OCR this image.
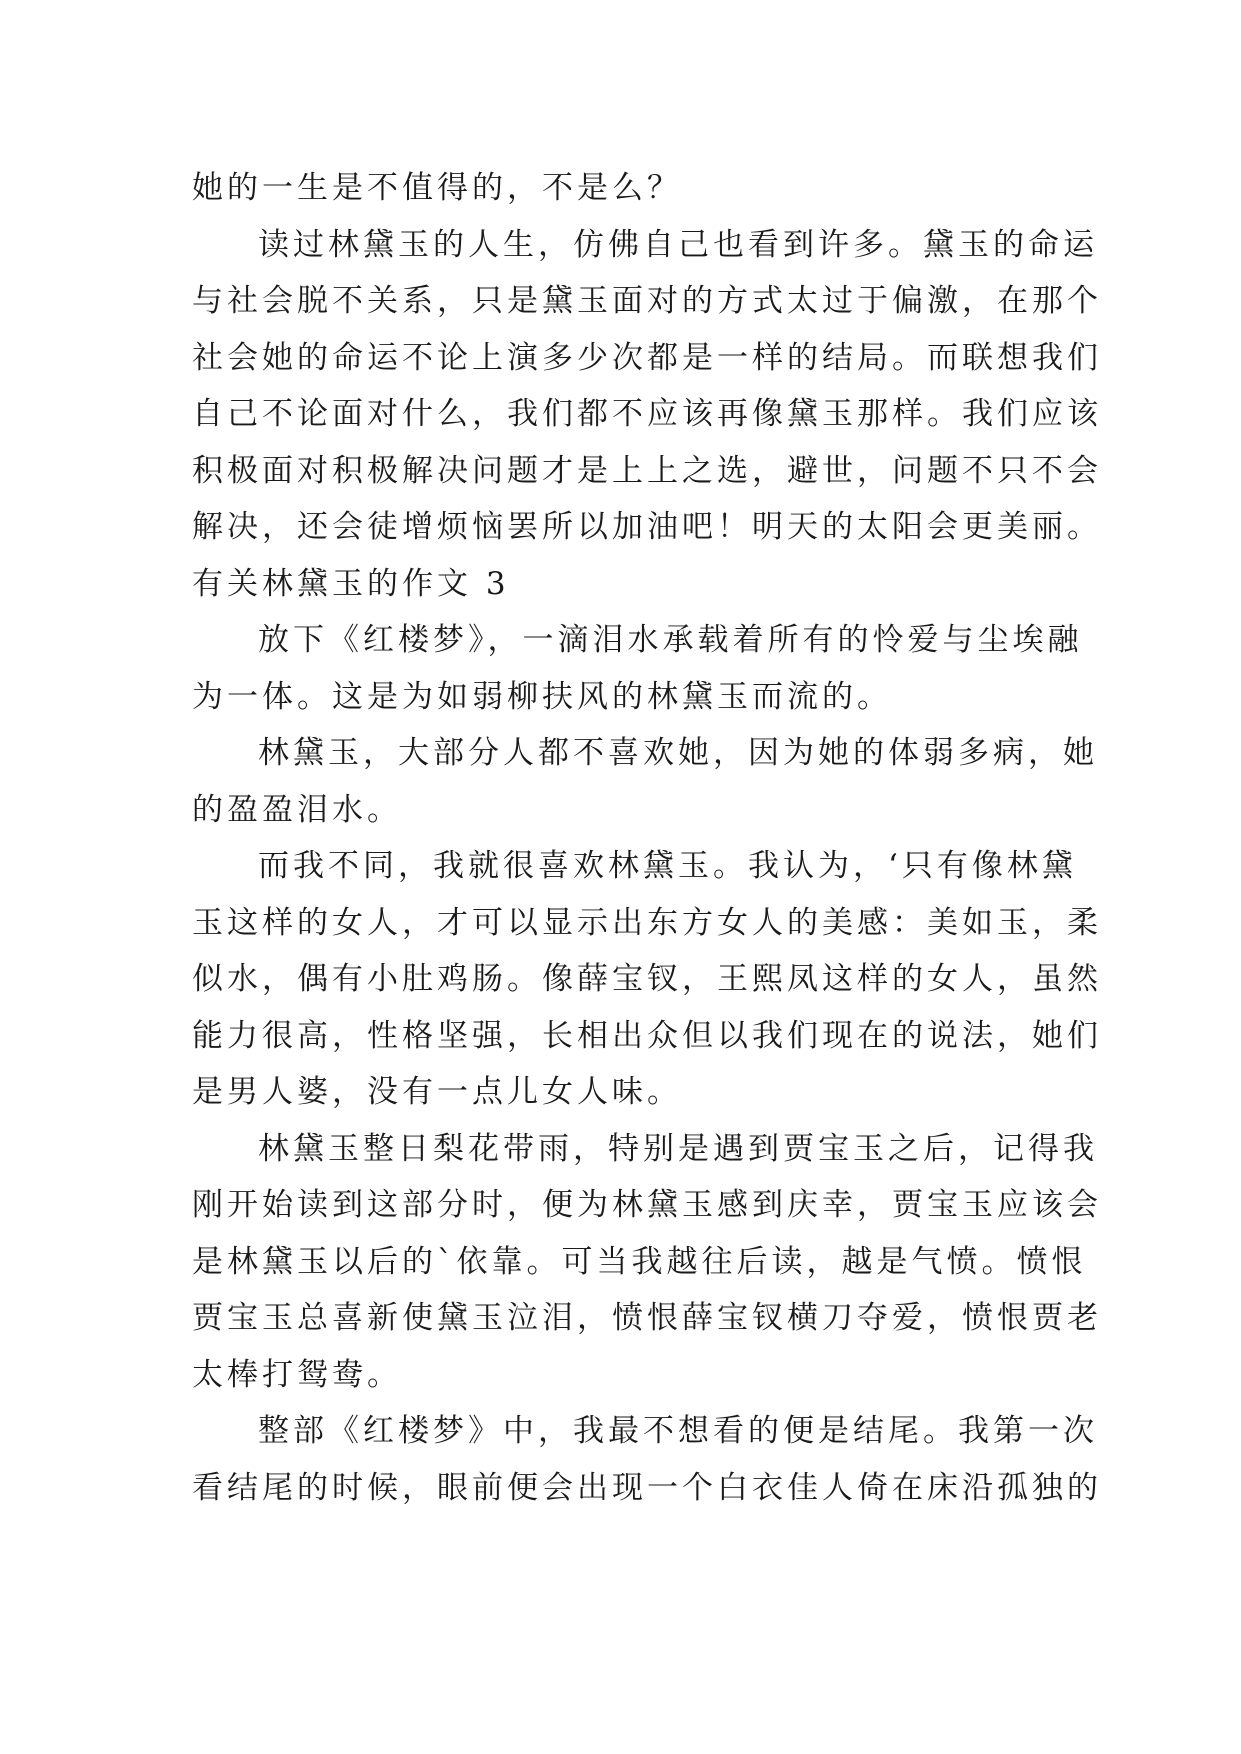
她的一生是不值得的，不是么？
读过林黛玉的人生，仿佛自己也看到许多。黛玉的命运
与社会脱不关系，只是黛玉面对的方式太过于偏激，在那个
社会她的命运不论上演多少次都是一样的结局。而联想我们
自己不论面对什么，我们都不应该再像黛玉那样。我们应该
积极面对积极解决问题才是上上之选，避世，问题不只不会
解决，还会徒增烦恼罢所以加油吧！明天的太阳会更美丽。
有关林黛玉的作文 3
放下《红楼梦》，一滴泪水承载着所有的怜爱与尘埃融
为一体。这是为如弱柳扶风的林黛玉而流的。
林黛玉，大部分人都不喜欢她，因为她的体弱多病，她
的盈盈泪水。
而我不同，我就很喜欢林黛玉。我认为，‘只有像林黛
玉这样的女人，才可以显示出东方女人的美感：美如玉，柔
似水，偶有小肚鸡肠。像薛宝钗，王熙凤这样的女人，虽然
能力很高，性格坚强，长相出众但以我们现在的说法，她们
是男人婆，没有一点儿女人味。
林黛玉整日梨花带雨，特别是遇到贾宝玉之后，记得我
刚开始读到这部分时，便为林黛玉感到庆幸，贾宝玉应该会
是林黛玉以后的`依靠。可当我越往后读，越是气愤。愤恨
贾宝玉总喜新使黛玉泣泪，愤恨薛宝钗横刀夺爱，愤恨贾老
太棒打鸳鸯。
整部《红楼梦》中，我最不想看的便是结尾。我第一次
看结尾的时候，眼前便会出现一个白衣佳人倚在床沿孤独的
